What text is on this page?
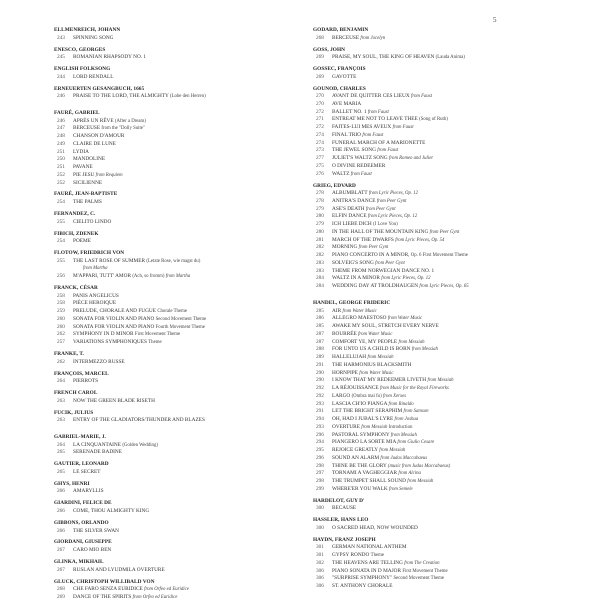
5
ELLMENREICH, JOHANN
243	SPINNING SONG
ENESCO, GEORGES
245	ROMANIAN RHAPSODY NO. 1
ENGLISH FOLKSONG
244	LORD RENDALL
ERNEUERTEN GESANGBUCH, 1665
246	PRAISE TO THE LORD, THE ALMIGHTY (Lobe den Herren)
FAURÉ, GABRIEL
246	APRÈS UN RÊVE (After a Dream)
247	BERCEUSE from the "Dolly Suite"
248	CHANSON D'AMOUR
249	CLAIRE DE LUNE
251	LYDIA
250	MANDOLINE
251	PAVANE
252	PIE JESU from Requiem
252	SICILIENNE
FAURÉ, JEAN-BAPTISTE
254	THE PALMS
FERNANDEZ, C.
255	CIELITO LINDO
FIBICH, ZDENEK
254	POEME
FLOTOW, FRIEDRICH VON
255	THE LAST ROSE OF SUMMER (Letzte Rose, wie magst du)
from Martha
256	M'APPARI, TUTT' AMOR (Ach, so fromm) from Martha
FRANCK, CÉSAR
258	PANIS ANGELICUS
258	PIÈCE HEROIQUE
259	PRELUDE, CHORALE AND FUGUE Chorale Theme
260	SONATA FOR VIOLIN AND PIANO Second Movement Theme
260	SONATA FOR VIOLIN AND PIANO Fourth Movement Theme
262	SYMPHONY IN D MINOR First Movement Theme
257	VARIATIONS SYMPHONIQUES Theme
FRANKE, T.
262	INTERMEZZO RUSSE
FRANÇOIS, MARCEL
264	PIERROTS
FRENCH CAROL
263	NOW THE GREEN BLADE RISETH
FUCIK, JULIUS
263	ENTRY OF THE GLADIATORS/THUNDER AND BLAZES
GABRIEL-MARIE, J.
264	LA CINQUANTAINE (Golden Wedding)
265	SERENADE BADINE
GAUTIER, LEONARD
265	LE SECRET
GHYS, HENRI
266	AMARYLLIS
GIARDINI, FELICE DE
266	COME, THOU ALMIGHTY KING
GIBBONS, ORLANDO
266	THE SILVER SWAN
GIORDANI, GIUSEPPE
267	CARO MIO BEN
GLINKA, MIKHAIL
267	RUSLAN AND LYUDMILA OVERTURE
GLUCK, CHRISTOPH WILLIBALD VON
268	CHE FARO SENZA EURIDICE from Orfeo ed Euridice
269	DANCE OF THE SPIRITS from Orfeo ed Euridice
GODARD, BENJAMIN
268	BERCEUSE from Jocelyn
GOSS, JOHN
269	PRAISE, MY SOUL, THE KING OF HEAVEN (Lauda Anima)
GOSSEC, FRANÇOIS
269	GAVOTTE
GOUNOD, CHARLES
270	AVANT DE QUITTER CES LIEUX from Faust
270	AVE MARIA
272	BALLET NO. 1 from Faust
271	ENTREAT ME NOT TO LEAVE THEE (Song of Ruth)
272	FAITES-LUI MES AVEUX from Faust
274	FINAL TRIO from Faust
274	FUNERAL MARCH OF A MARIONETTE
273	THE JEWEL SONG from Faust
277	JULIET'S WALTZ SONG from Romeo and Juliet
275	O DIVINE REDEEMER
276	WALTZ from Faust
GRIEG, EDVARD
278	ALBUMBLATT from Lyric Pieces, Op. 12
278	ANITRA'S DANCE from Peer Gynt
279	ASE'S DEATH from Peer Gynt
280	ELFIN DANCE from Lyric Pieces, Op. 12
279	ICH LIEBE DICH (I Love You)
280	IN THE HALL OF THE MOUNTAIN KING from Peer Gynt
281	MARCH OF THE DWARFS from Lyric Pieces, Op. 54
282	MORNING from Peer Gynt
282	PIANO CONCERTO IN A MINOR, Op. 6 First Movement Theme
283	SOLVEIG'S SONG from Peer Gynt
283	THEME FROM NORWEGIAN DANCE NO. 1
284	WALTZ IN A MINOR from Lyric Pieces, Op. 12
284	WEDDING DAY AT TROLDHAUGEN from Lyric Pieces, Op. 65
HANDEL, GEORGE FRIDERIC
285	AIR from Water Music
286	ALLEGRO MAESTOSO from Water Music
285	AWAKE MY SOUL, STRETCH EVERY NERVE
287	BOURRÉE from Water Music
287	COMFORT YE, MY PEOPLE from Messiah
288	FOR UNTO US A CHILD IS BORN from Messiah
289	HALLELUJAH from Messiah
291	THE HARMONIUS BLACKSMITH
290	HORNPIPE from Water Music
290	I KNOW THAT MY REDEEMER LIVETH from Messiah
292	LA RÉJOUISSANCE from Music for the Royal Fireworks
292	LARGO (Ombra mai fu) from Xerxes
293	LASCIA CH'IO PIANGA from Rinaldo
291	LET THE BRIGHT SERAPHIM from Samson
294	OH, HAD I JUBAL'S LYRE from Joshua
293	OVERTURE from Messiah Introduction
296	PASTORAL SYMPHONY from Messiah
294	PIANGERO LA SORTE MIA from Giulio Cesare
295	REJOICE GREATLY from Messiah
296	SOUND AN ALARM from Judas Maccabaeus
298	THINE BE THE GLORY (music from Judas Maccabaeus)
297	TORNAMI A VAGHEGGIAR from Alcina
298	THE TRUMPET SHALL SOUND from Messiah
299	WHERE'ER YOU WALK from Semele
HARDELOT, GUY D'
300	BECAUSE
HASSLER, HANS LEO
300	O SACRED HEAD, NOW WOUNDED
HAYDN, FRANZ JOSEPH
301	GERMAN NATIONAL ANTHEM
301	GYPSY RONDO Theme
302	THE HEAVENS ARE TELLING from The Creation
306	PIANO SONATA IN D MAJOR First Movement Theme
306	"SURPRISE SYMPHONY" Second Movement Theme
306	ST. ANTHONY CHORALE
